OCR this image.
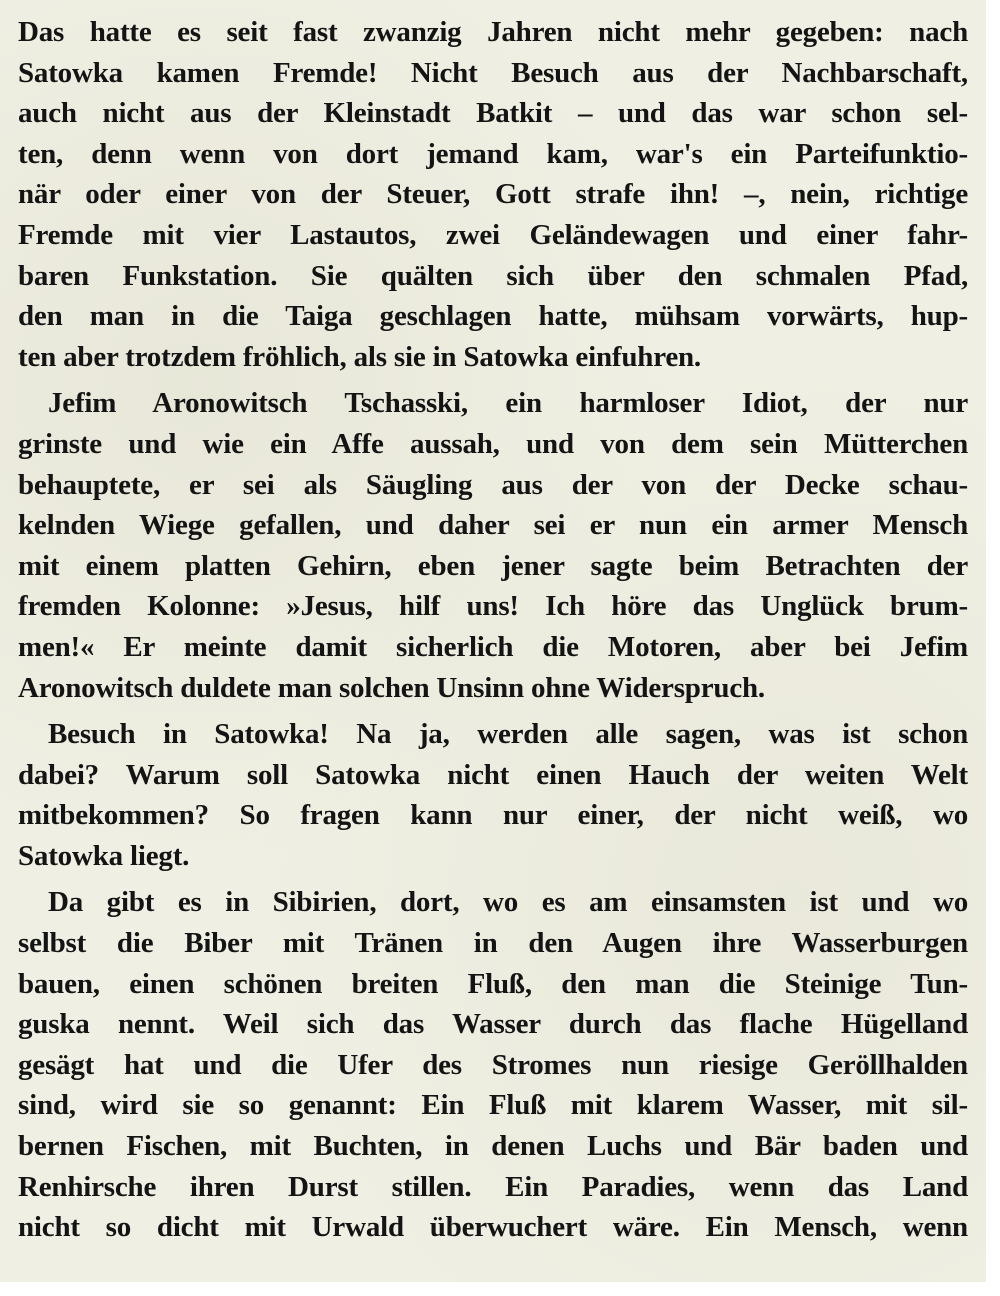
Das hatte es seit fast zwanzig Jahren nicht mehr gegeben: nach
Satowka kamen Fremde! Nicht Besuch aus der Nachbarschaft,
auch nicht aus der Kleinstadt Batkit – und das war schon sel-
ten, denn wenn von dort jemand kam, war's ein Parteifunktio-
när oder einer von der Steuer, Gott strafe ihn! –, nein, richtige
Fremde mit vier Lastautos, zwei Geländewagen und einer fahr-
baren Funkstation. Sie quälten sich über den schmalen Pfad,
den man in die Taiga geschlagen hatte, mühsam vorwärts, hup-
ten aber trotzdem fröhlich, als sie in Satowka einfuhren.
Jefim Aronowitsch Tschasski, ein harmloser Idiot, der nur
grinste und wie ein Affe aussah, und von dem sein Mütterchen
behauptete, er sei als Säugling aus der von der Decke schau-
kelnden Wiege gefallen, und daher sei er nun ein armer Mensch
mit einem platten Gehirn, eben jener sagte beim Betrachten der
fremden Kolonne: »Jesus, hilf uns! Ich höre das Unglück brum-
men!« Er meinte damit sicherlich die Motoren, aber bei Jefim
Aronowitsch duldete man solchen Unsinn ohne Widerspruch.
Besuch in Satowka! Na ja, werden alle sagen, was ist schon
dabei? Warum soll Satowka nicht einen Hauch der weiten Welt
mitbekommen? So fragen kann nur einer, der nicht weiß, wo
Satowka liegt.
Da gibt es in Sibirien, dort, wo es am einsamsten ist und wo
selbst die Biber mit Tränen in den Augen ihre Wasserburgen
bauen, einen schönen breiten Fluß, den man die Steinige Tun-
guska nennt. Weil sich das Wasser durch das flache Hügelland
gesägt hat und die Ufer des Stromes nun riesige Geröllhalden
sind, wird sie so genannt: Ein Fluß mit klarem Wasser, mit sil-
bernen Fischen, mit Buchten, in denen Luchs und Bär baden und
Renhirsche ihren Durst stillen. Ein Paradies, wenn das Land
nicht so dicht mit Urwald überwuchert wäre. Ein Mensch, wenn
